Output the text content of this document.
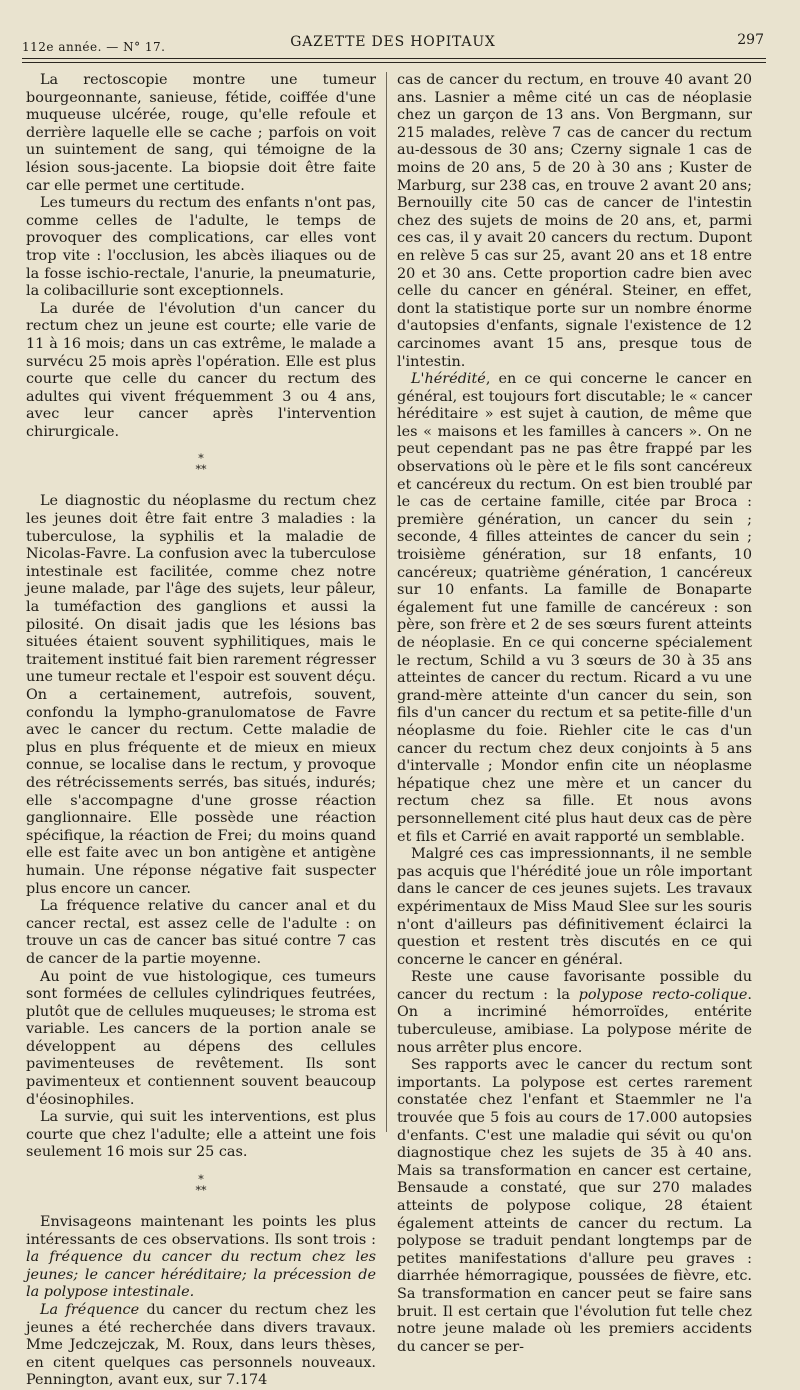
112e année. — N° 17.	GAZETTE DES HOPITAUX	297

La rectoscopie montre une tumeur bourgeonnante, sanieuse, fétide, coiffée d'une muqueuse ulcérée, rouge, qu'elle refoule et derrière laquelle elle se cache ; parfois on voit un suintement de sang, qui témoigne de la lésion sous-jacente. La biopsie doit être faite car elle permet une certitude.

Les tumeurs du rectum des enfants n'ont pas, comme celles de l'adulte, le temps de provoquer des complications, car elles vont trop vite : l'occlusion, les abcès iliaques ou de la fosse ischio-rectale, l'anurie, la pneumaturie, la colibacillurie sont exceptionnels.

La durée de l'évolution d'un cancer du rectum chez un jeune est courte; elle varie de 11 à 16 mois; dans un cas extrême, le malade a survécu 25 mois après l'opération. Elle est plus courte que celle du cancer du rectum des adultes qui vivent fréquemment 3 ou 4 ans, avec leur cancer après l'intervention chirurgicale.

*
**

Le diagnostic du néoplasme du rectum chez les jeunes doit être fait entre 3 maladies : la tuberculose, la syphilis et la maladie de Nicolas-Favre. La confusion avec la tuberculose intestinale est facilitée, comme chez notre jeune malade, par l'âge des sujets, leur pâleur, la tuméfaction des ganglions et aussi la pilosité. On disait jadis que les lésions bas situées étaient souvent syphilitiques, mais le traitement institué fait bien rarement régresser une tumeur rectale et l'espoir est souvent déçu. On a certainement, autrefois, souvent, confondu la lympho-granulomatose de Favre avec le cancer du rectum. Cette maladie de plus en plus fréquente et de mieux en mieux connue, se localise dans le rectum, y provoque des rétrécissements serrés, bas situés, indurés; elle s'accompagne d'une grosse réaction ganglionnaire. Elle possède une réaction spécifique, la réaction de Frei; du moins quand elle est faite avec un bon antigène et antigène humain. Une réponse négative fait suspecter plus encore un cancer.

La fréquence relative du cancer anal et du cancer rectal, est assez celle de l'adulte : on trouve un cas de cancer bas situé contre 7 cas de cancer de la partie moyenne.

Au point de vue histologique, ces tumeurs sont formées de cellules cylindriques feutrées, plutôt que de cellules muqueuses; le stroma est variable. Les cancers de la portion anale se développent au dépens des cellules pavimenteuses de revêtement. Ils sont pavimenteux et contiennent souvent beaucoup d'éosinophiles.

La survie, qui suit les interventions, est plus courte que chez l'adulte; elle a atteint une fois seulement 16 mois sur 25 cas.

*
**

Envisageons maintenant les points les plus intéressants de ces observations. Ils sont trois : la fréquence du cancer du rectum chez les jeunes; le cancer héréditaire; la précession de la polypose intestinale.

La fréquence du cancer du rectum chez les jeunes a été recherchée dans divers travaux. Mme Jedczejczak, M. Roux, dans leurs thèses, en citent quelques cas personnels nouveaux. Pennington, avant eux, sur 7.174

cas de cancer du rectum, en trouve 40 avant 20 ans. Lasnier a même cité un cas de néoplasie chez un garçon de 13 ans. Von Bergmann, sur 215 malades, relève 7 cas de cancer du rectum au-dessous de 30 ans; Czerny signale 1 cas de moins de 20 ans, 5 de 20 à 30 ans ; Kuster de Marburg, sur 238 cas, en trouve 2 avant 20 ans; Bernouilly cite 50 cas de cancer de l'intestin chez des sujets de moins de 20 ans, et, parmi ces cas, il y avait 20 cancers du rectum. Dupont en relève 5 cas sur 25, avant 20 ans et 18 entre 20 et 30 ans. Cette proportion cadre bien avec celle du cancer en général. Steiner, en effet, dont la statistique porte sur un nombre énorme d'autopsies d'enfants, signale l'existence de 12 carcinomes avant 15 ans, presque tous de l'intestin.

L'hérédité, en ce qui concerne le cancer en général, est toujours fort discutable; le « cancer héréditaire » est sujet à caution, de même que les « maisons et les familles à cancers ». On ne peut cependant pas ne pas être frappé par les observations où le père et le fils sont cancéreux et cancéreux du rectum. On est bien troublé par le cas de certaine famille, citée par Broca : première génération, un cancer du sein ; seconde, 4 filles atteintes de cancer du sein ; troisième génération, sur 18 enfants, 10 cancéreux; quatrième génération, 1 cancéreux sur 10 enfants. La famille de Bonaparte également fut une famille de cancéreux : son père, son frère et 2 de ses sœurs furent atteints de néoplasie. En ce qui concerne spécialement le rectum, Schild a vu 3 sœurs de 30 à 35 ans atteintes de cancer du rectum. Ricard a vu une grand-mère atteinte d'un cancer du sein, son fils d'un cancer du rectum et sa petite-fille d'un néoplasme du foie. Riehler cite le cas d'un cancer du rectum chez deux conjoints à 5 ans d'intervalle ; Mondor enfin cite un néoplasme hépatique chez une mère et un cancer du rectum chez sa fille. Et nous avons personnellement cité plus haut deux cas de père et fils et Carrié en avait rapporté un semblable.

Malgré ces cas impressionnants, il ne semble pas acquis que l'hérédité joue un rôle important dans le cancer de ces jeunes sujets. Les travaux expérimentaux de Miss Maud Slee sur les souris n'ont d'ailleurs pas définitivement éclairci la question et restent très discutés en ce qui concerne le cancer en général.

Reste une cause favorisante possible du cancer du rectum : la polypose recto-colique. On a incriminé hémorroïdes, entérite tuberculeuse, amibiase. La polypose mérite de nous arrêter plus encore.

Ses rapports avec le cancer du rectum sont importants. La polypose est certes rarement constatée chez l'enfant et Staemmler ne l'a trouvée que 5 fois au cours de 17.000 autopsies d'enfants. C'est une maladie qui sévit ou qu'on diagnostique chez les sujets de 35 à 40 ans. Mais sa transformation en cancer est certaine, Bensaude a constaté, que sur 270 malades atteints de polypose colique, 28 étaient également atteints de cancer du rectum. La polypose se traduit pendant longtemps par de petites manifestations d'allure peu graves : diarrhée hémorragique, poussées de fièvre, etc. Sa transformation en cancer peut se faire sans bruit. Il est certain que l'évolution fut telle chez notre jeune malade où les premiers accidents du cancer se per-
